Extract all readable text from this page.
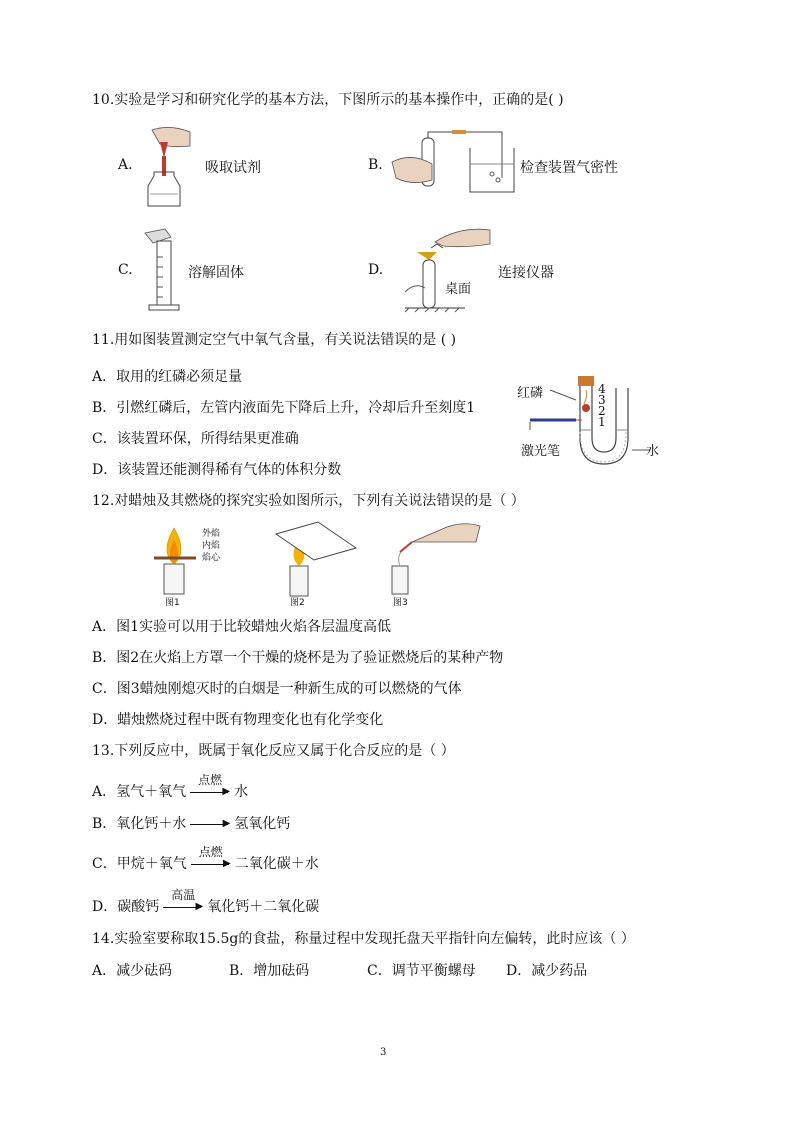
10.实验是学习和研究化学的基本方法，下图所示的基本操作中，正确的是( )
A.	吸取试剂	B.	检查装置气密性
C.	溶解固体	D.
桌面
连接仪器
11.用如图装置测定空气中氧气含量，有关说法错误的是 ( )
A．取用的红磷必须足量
B．引燃红磷后，左管内液面先下降后上升，冷却后升至刻度1
C．该装置环保，所得结果更准确
D．该装置还能测得稀有气体的体积分数
红磷
激光笔	水
4
3
2
1
12.对蜡烛及其燃烧的探究实验如图所示，下列有关说法错误的是（ ）
外焰
内焰
焰心
图1	图2	图3
A．图1实验可以用于比较蜡烛火焰各层温度高低
B．图2在火焰上方罩一个干燥的烧杯是为了验证燃烧后的某种产物
C．图3蜡烛刚熄灭时的白烟是一种新生成的可以燃烧的气体
D．蜡烛燃烧过程中既有物理变化也有化学变化
13.下列反应中，既属于氧化反应又属于化合反应的是（ ）
A．氢气＋氧气
点燃
▶ 水
B．氧化钙＋水	▶ 氢氧化钙
C．甲烷＋氧气
点燃
▶ 二氧化碳＋水
D．碳酸钙
高温
▶ 氧化钙＋二氧化碳
14.实验室要称取15.5g的食盐，称量过程中发现托盘天平指针向左偏转，此时应该（ ）
A．减少砝码	B．增加砝码	C．调节平衡螺母 D．减少药品
3
